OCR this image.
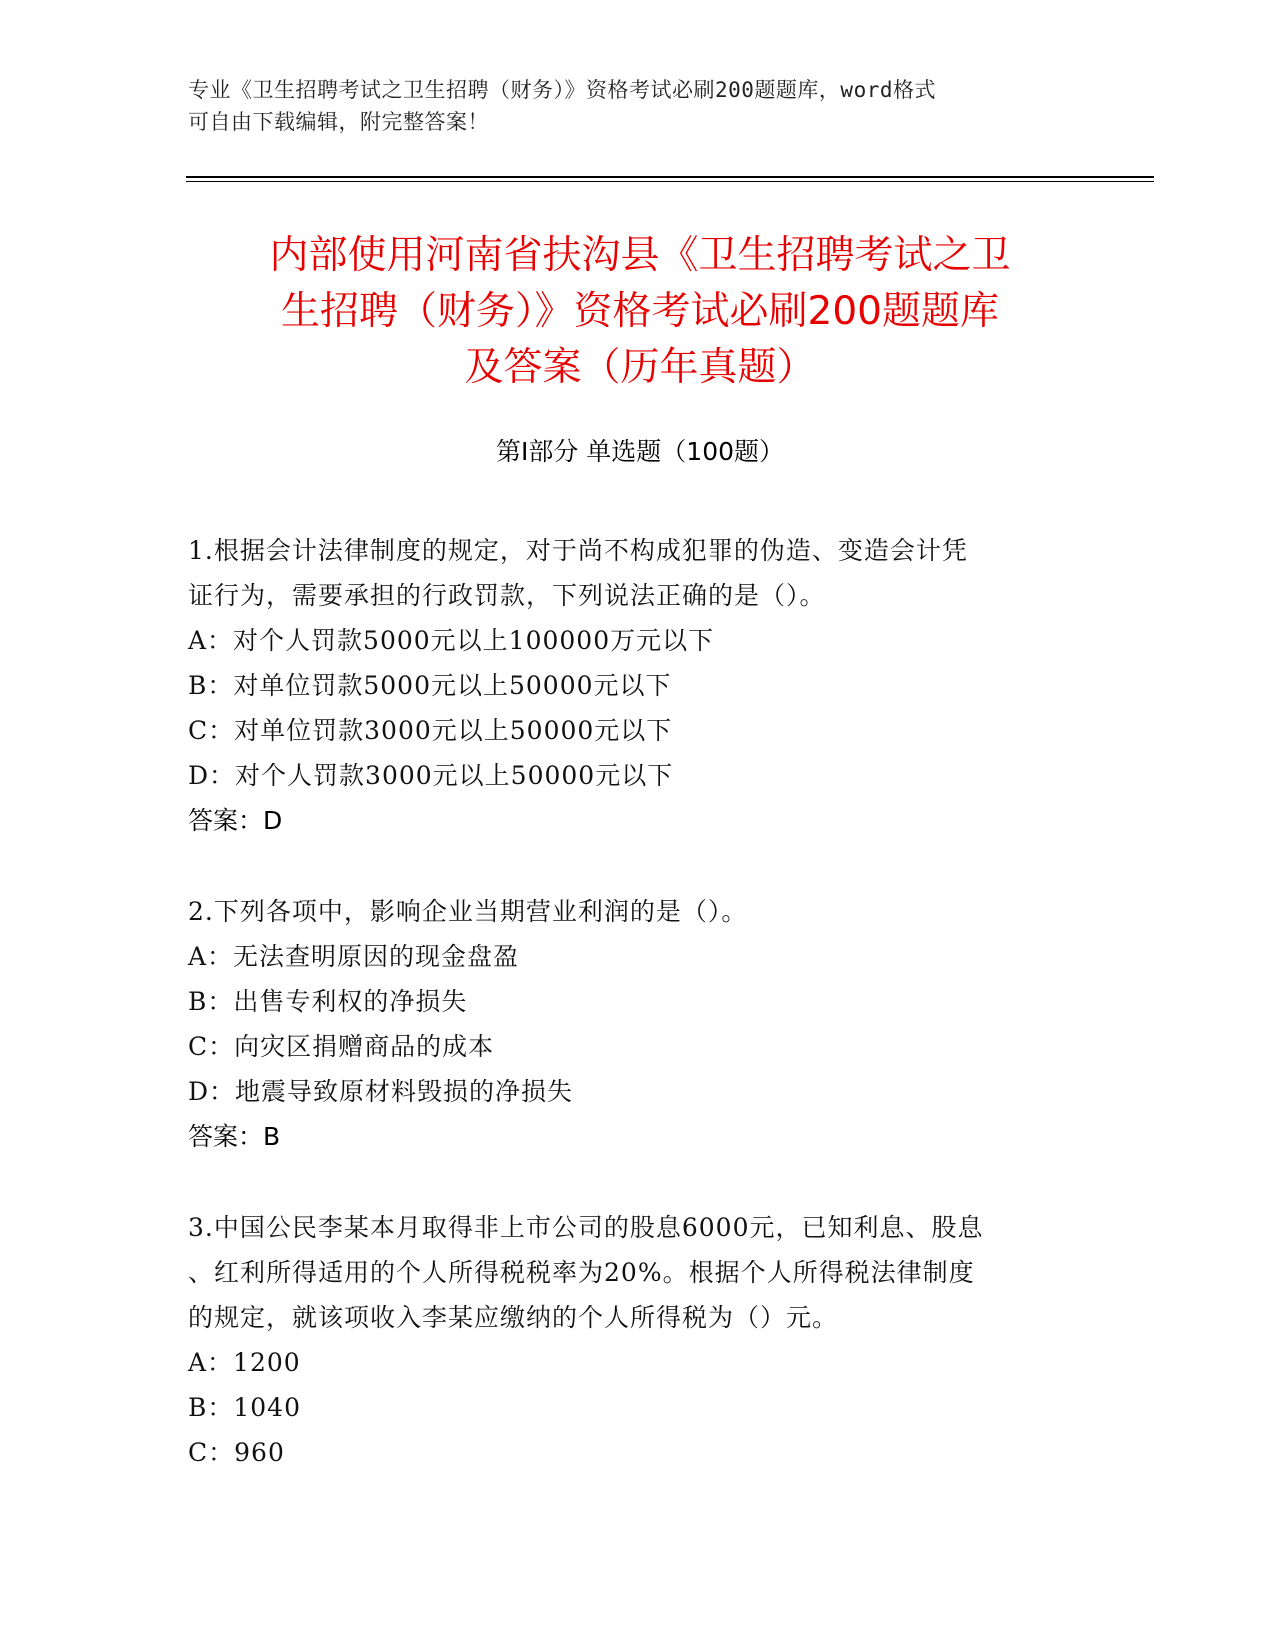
专业《卫生招聘考试之卫生招聘（财务）》资格考试必刷200题题库，word格式
可自由下载编辑，附完整答案！
内部使用河南省扶沟县《卫生招聘考试之卫
生招聘（财务）》资格考试必刷200题题库
及答案（历年真题）
第Ⅰ部分 单选题（100题）
1.根据会计法律制度的规定，对于尚不构成犯罪的伪造、变造会计凭
证行为，需要承担的行政罚款，下列说法正确的是（）。
A：对个人罚款5000元以上100000万元以下
B：对单位罚款5000元以上50000元以下
C：对单位罚款3000元以上50000元以下
D：对个人罚款3000元以上50000元以下
答案：D
2.下列各项中，影响企业当期营业利润的是（）。
A：无法查明原因的现金盘盈
B：出售专利权的净损失
C：向灾区捐赠商品的成本
D：地震导致原材料毁损的净损失
答案：B
3.中国公民李某本月取得非上市公司的股息6000元，已知利息、股息
、红利所得适用的个人所得税税率为20%。根据个人所得税法律制度
的规定，就该项收入李某应缴纳的个人所得税为（）元。
A：1200
B：1040
C：960
